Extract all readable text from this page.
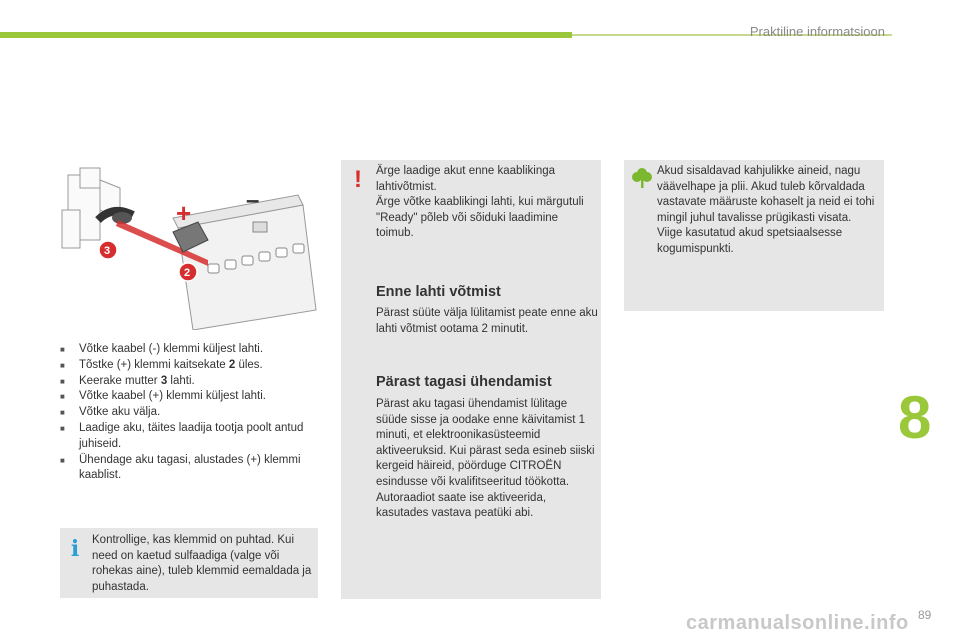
Praktiline informatsioon
+ –
3
2
■ Võtke kaabel (-) klemmi küljest lahti.
■ Tõstke (+) klemmi kaitsekate 2 üles.
■ Keerake mutter 3 lahti.
■ Võtke kaabel (+) klemmi küljest lahti.
■ Võtke aku välja.
■ Laadige aku, täites laadija tootja poolt antud juhiseid.
■ Ühendage aku tagasi, alustades (+) klemmi kaablist.
i Kontrollige, kas klemmid on puhtad. Kui need on kaetud sulfaadiga (valge või rohekas aine), tuleb klemmid eemaldada ja puhastada.

! Ärge laadige akut enne kaablikinga lahtivõtmist.

Ärge võtke kaablikingi lahti, kui märgutuli "Ready" põleb või sõiduki laadimine toimub.

Enne lahti võtmist

Pärast süüte välja lülitamist peate enne aku lahti võtmist ootama 2 minutit.

Pärast tagasi ühendamist

Pärast aku tagasi ühendamist lülitage süüde sisse ja oodake enne käivitamist 1 minuti, et elektroonikasüsteemid aktiveeruksid. Kui pärast seda esineb siiski kergeid häireid, pöörduge CITROËN esindusse või kvalifitseeritud töökotta.

Autoraadiot saate ise aktiveerida, kasutades vastava peatüki abi.

Akud sisaldavad kahjulikke aineid, nagu väävelhape ja plii. Akud tuleb kõrvaldada vastavate määruste kohaselt ja neid ei tohi mingil juhul tavalisse prügikasti visata.

Viige kasutatud akud spetsiaalsesse kogumispunkti.

8
carmanualsonline.info 89
